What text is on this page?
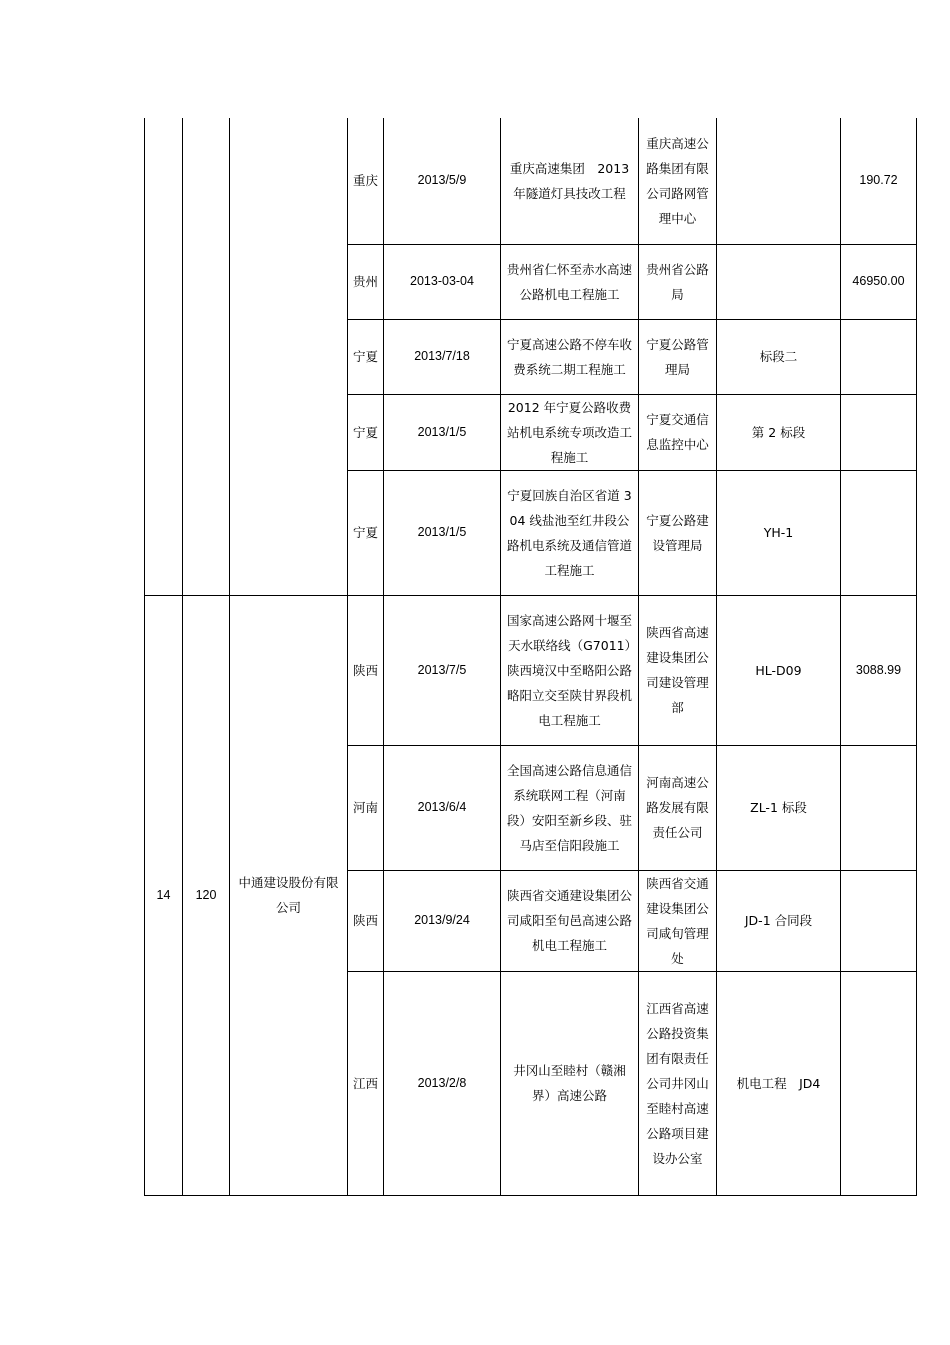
			重庆	2013/5/9	重庆高速集团　2013年隧道灯具技改工程	重庆高速公路集团有限公司路网管理中心		190.72
			贵州	2013-03-04	贵州省仁怀至赤水高速公路机电工程施工	贵州省公路局		46950.00
			宁夏	2013/7/18	宁夏高速公路不停车收费系统二期工程施工	宁夏公路管理局	标段二	
			宁夏	2013/1/5	2012 年宁夏公路收费站机电系统专项改造工程施工	宁夏交通信息监控中心	第 2 标段	
			宁夏	2013/1/5	宁夏回族自治区省道 304 线盐池至红井段公路机电系统及通信管道工程施工	宁夏公路建设管理局	YH-1	
14	120	中通建设股份有限公司	陕西	2013/7/5	国家高速公路网十堰至天水联络线（G7011）陕西境汉中至略阳公路略阳立交至陕甘界段机电工程施工	陕西省高速建设集团公司建设管理部	HL-D09	3088.99
			河南	2013/6/4	全国高速公路信息通信系统联网工程（河南段）安阳至新乡段、驻马店至信阳段施工	河南高速公路发展有限责任公司	ZL-1 标段	
			陕西	2013/9/24	陕西省交通建设集团公司咸阳至旬邑高速公路机电工程施工	陕西省交通建设集团公司咸旬管理处	JD-1 合同段	
			江西	2013/2/8	井冈山至睦村（赣湘界）高速公路	江西省高速公路投资集团有限责任公司井冈山至睦村高速公路项目建设办公室	机电工程　JD4	
